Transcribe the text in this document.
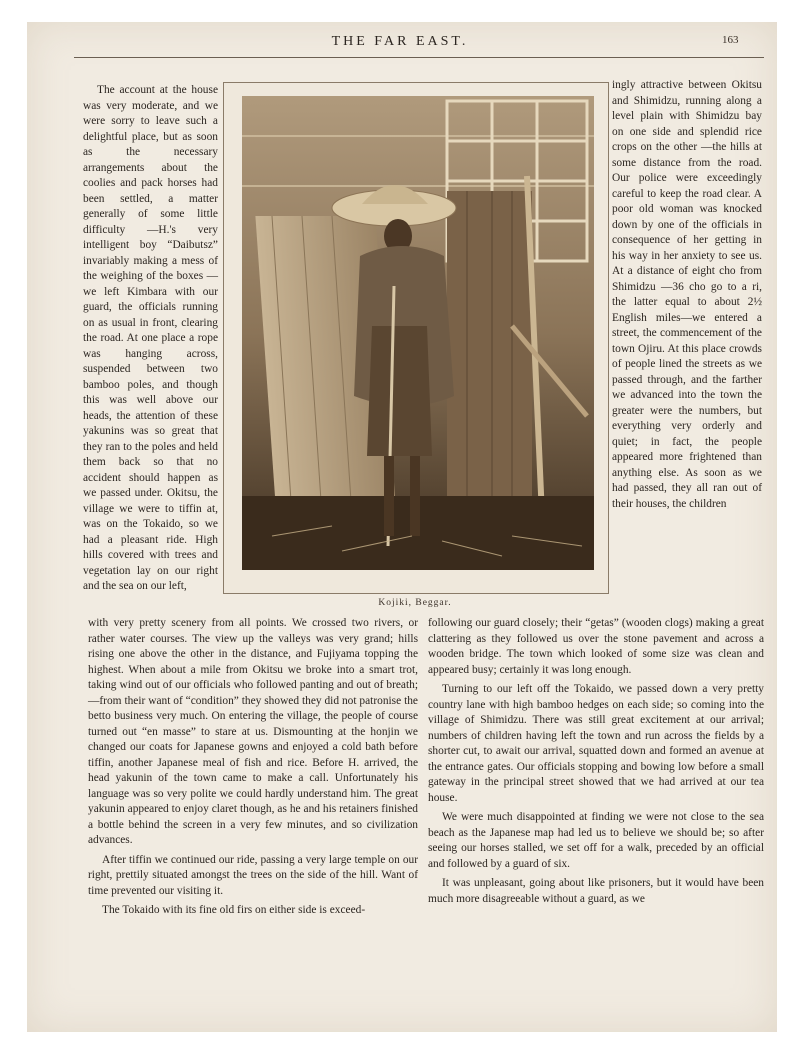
THE FAR EAST.	163

The account at the house was very moderate, and we were sorry to leave such a delightful place, but as soon as the necessary arrangements about the coolies and pack horses had been settled, a matter generally of some little difficulty —H.'s very intelligent boy “Daibutsz” invariably making a mess of the weighing of the boxes —we left Kimbara with our guard, the officials running on as usual in front, clearing the road. At one place a rope was hanging across, suspended between two bamboo poles, and though this was well above our heads, the attention of these yakunins was so great that they ran to the poles and held them back so that no accident should happen as we passed under. Okitsu, the village we were to tiffin at, was on the Tokaido, so we had a pleasant ride. High hills covered with trees and vegetation lay on our right and the sea on our left,

Kojiki, Beggar.

ingly attractive between Okitsu and Shimidzu, running along a level plain with Shimidzu bay on one side and splendid rice crops on the other —the hills at some distance from the road. Our police were exceedingly careful to keep the road clear. A poor old woman was knocked down by one of the officials in consequence of her getting in his way in her anxiety to see us. At a distance of eight cho from Shimidzu —36 cho go to a ri, the latter equal to about 2½ English miles—we entered a street, the commencement of the town Ojiru. At this place crowds of people lined the streets as we passed through, and the farther we advanced into the town the greater were the numbers, but everything very orderly and quiet; in fact, the people appeared more frightened than anything else. As soon as we had passed, they all ran out of their houses, the children

with very pretty scenery from all points. We crossed two rivers, or rather water courses. The view up the valleys was very grand; hills rising one above the other in the distance, and Fujiyama topping the highest. When about a mile from Okitsu we broke into a smart trot, taking wind out of our officials who followed panting and out of breath;—from their want of “condition” they showed they did not patronise the betto business very much. On entering the village, the people of course turned out “en masse” to stare at us. Dismounting at the honjin we changed our coats for Japanese gowns and enjoyed a cold bath before tiffin, another Japanese meal of fish and rice. Before H. arrived, the head yakunin of the town came to make a call. Unfortunately his language was so very polite we could hardly understand him. The great yakunin appeared to enjoy claret though, as he and his retainers finished a bottle behind the screen in a very few minutes, and so civilization advances.

After tiffin we continued our ride, passing a very large temple on our right, prettily situated amongst the trees on the side of the hill. Want of time prevented our visiting it.

The Tokaido with its fine old firs on either side is exceed-

following our guard closely; their “getas” (wooden clogs) making a great clattering as they followed us over the stone pavement and across a wooden bridge. The town which looked of some size was clean and appeared busy; certainly it was long enough.

Turning to our left off the Tokaido, we passed down a very pretty country lane with high bamboo hedges on each side; so coming into the village of Shimidzu. There was still great excitement at our arrival; numbers of children having left the town and run across the fields by a shorter cut, to await our arrival, squatted down and formed an avenue at the entrance gates. Our officials stopping and bowing low before a small gateway in the principal street showed that we had arrived at our tea house.

We were much disappointed at finding we were not close to the sea beach as the Japanese map had led us to believe we should be; so after seeing our horses stalled, we set off for a walk, preceded by an official and followed by a guard of six.

It was unpleasant, going about like prisoners, but it would have been much more disagreeable without a guard, as we
